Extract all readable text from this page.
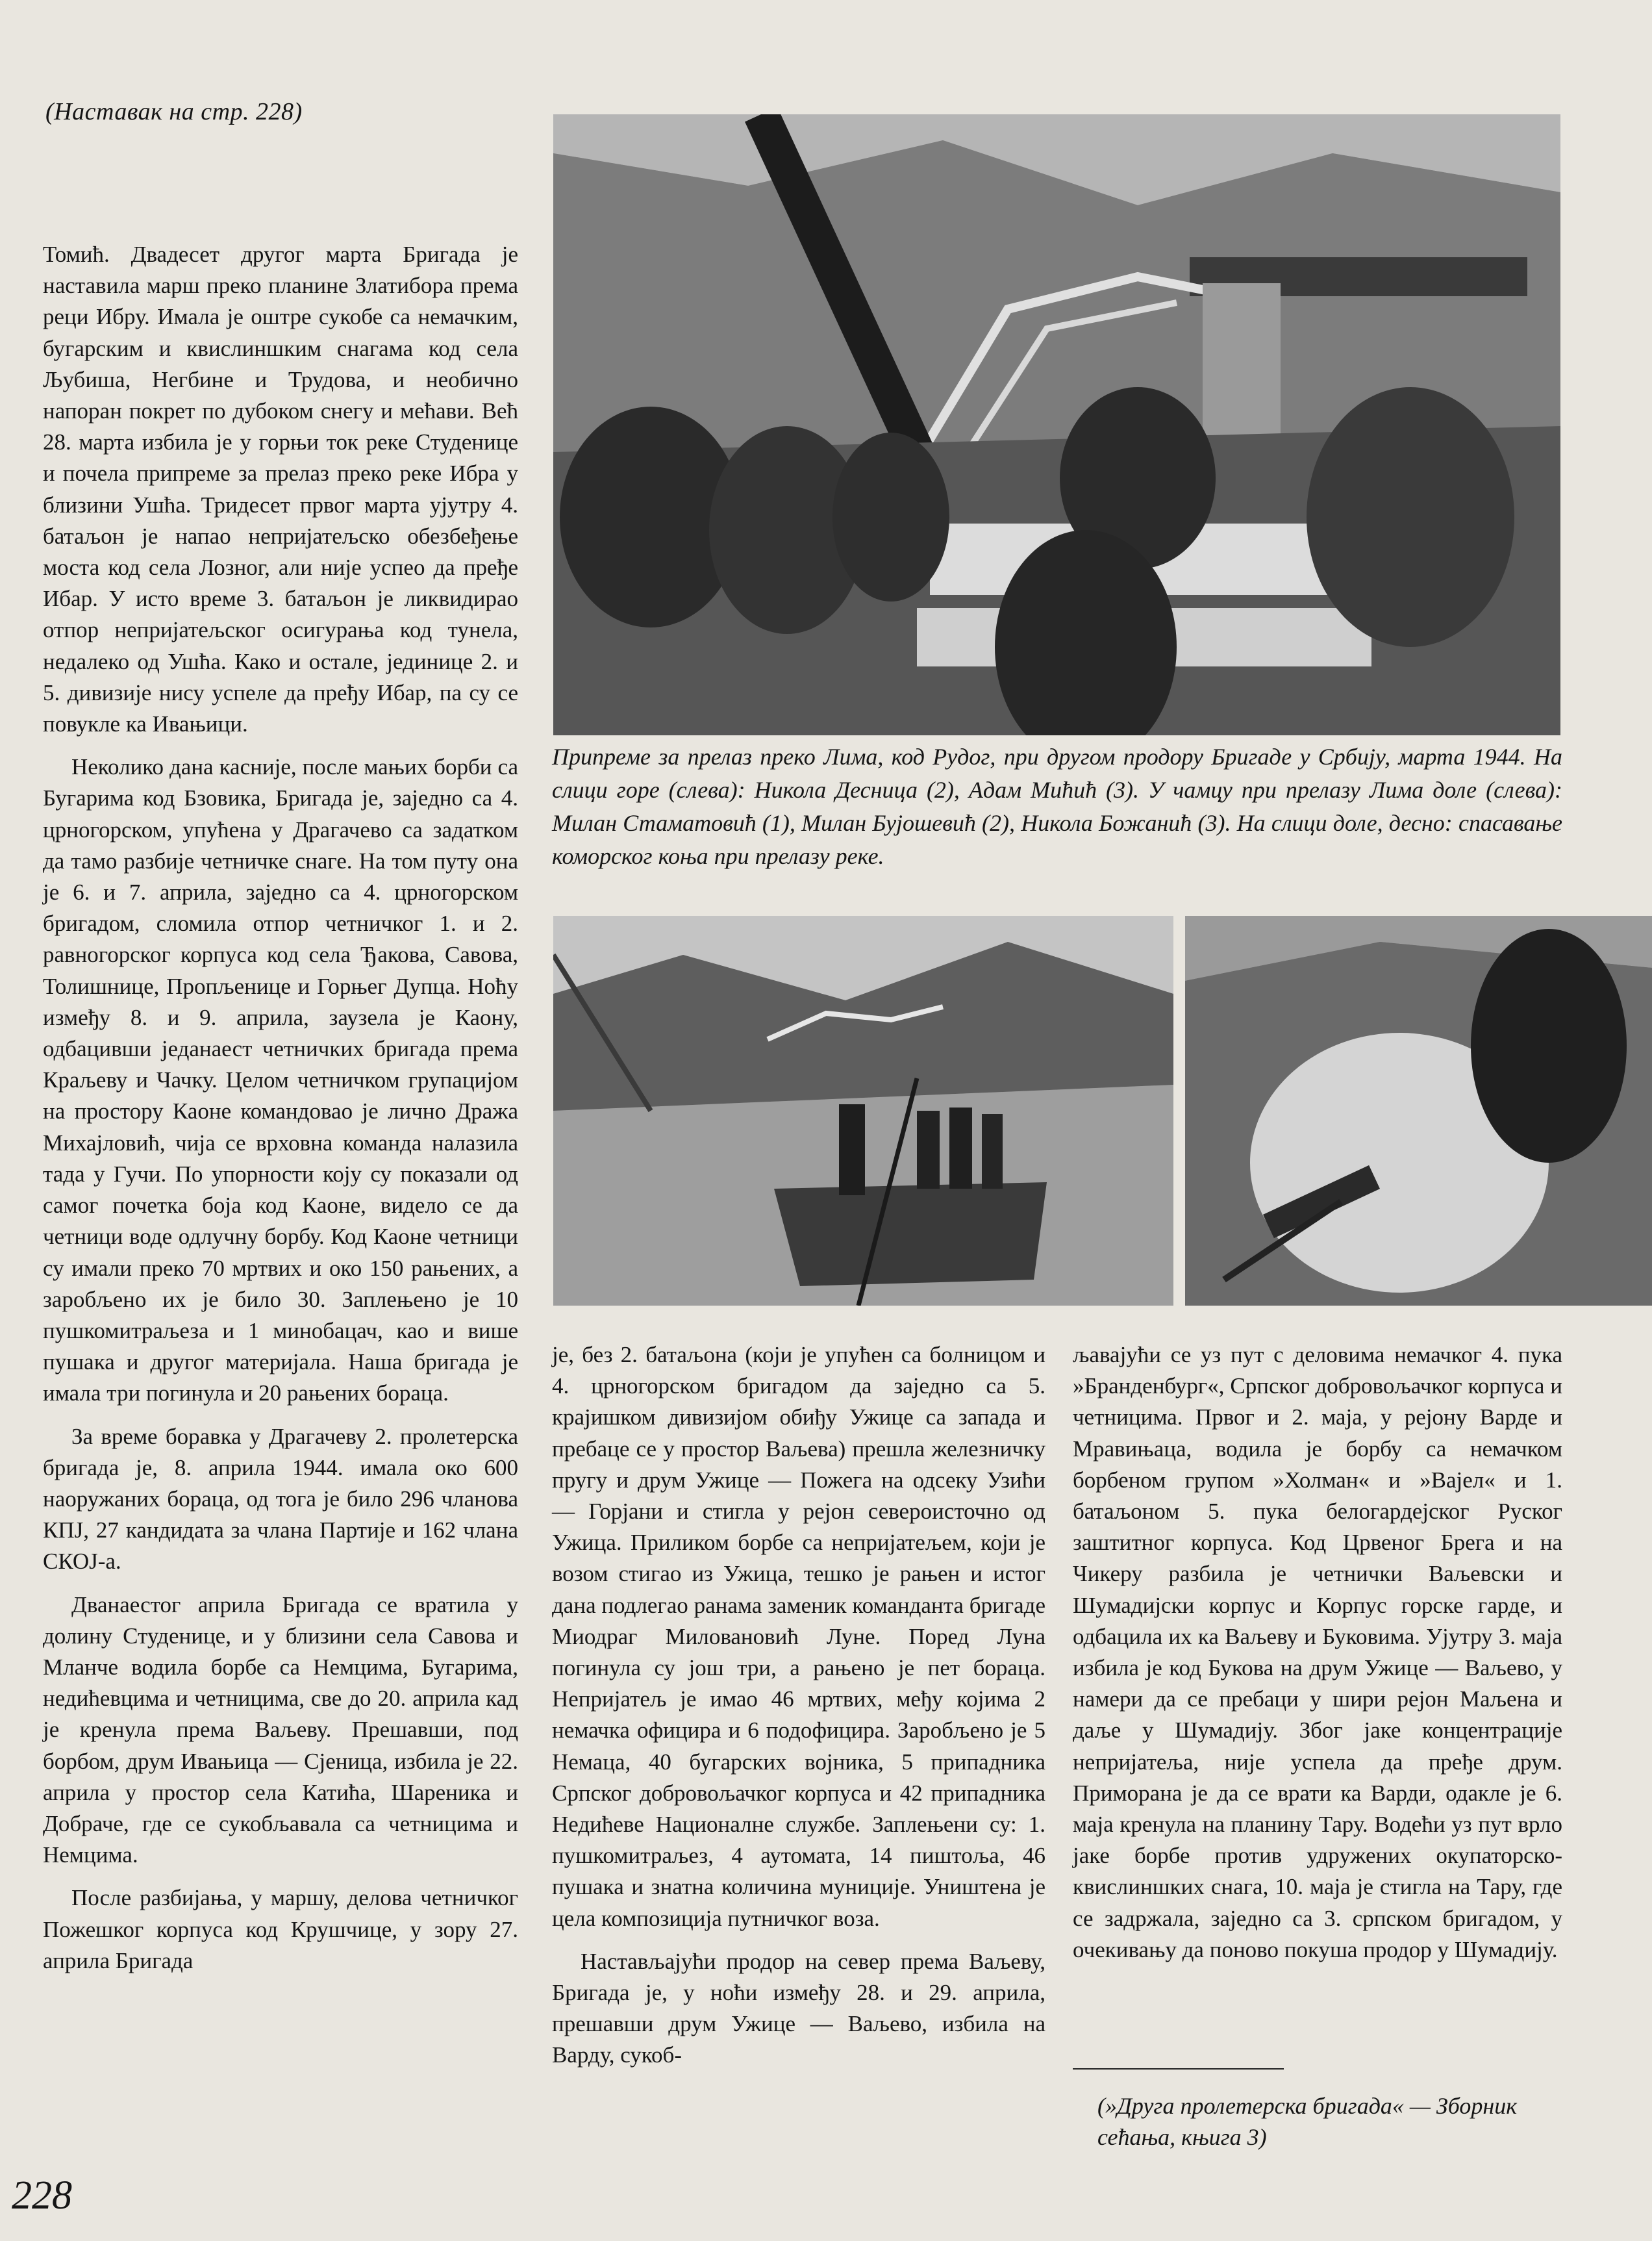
(Наставак на стр. 228)

Томић. Двадесет другог марта Бригада је наставила марш преко планине Златибора према реци Ибру. Имала је оштре сукобе са немачким, бугарским и квислиншким снагама код села Љубиша, Негбине и Трудова, и необично напоран покрет по дубоком снегу и мећави. Већ 28. марта избила је у горњи ток реке Студенице и почела припреме за прелаз преко реке Ибра у близини Ушћа. Тридесет првог марта ујутру 4. батаљон је напао непријатељско обезбеђење моста код села Лозног, али није успео да пређе Ибар. У исто време 3. батаљон је ликвидирао отпор непријатељског осигурања код тунела, недалеко од Ушћа. Како и остале, јединице 2. и 5. дивизије нису успеле да пређу Ибар, па су се повукле ка Ивањици.

Неколико дана касније, после мањих борби са Бугарима код Бзовика, Бригада је, заједно са 4. црногорском, упућена у Драгачево са задатком да тамо разбије четничке снаге. На том путу она је 6. и 7. априла, заједно са 4. црногорском бригадом, сломила отпор четничког 1. и 2. равногорског корпуса код села Ђакова, Савова, Толишнице, Пропљенице и Горњег Дупца. Ноћу између 8. и 9. априла, заузела је Каону, одбацивши једанаест четничких бригада према Краљеву и Чачку. Целом четничком групацијом на простору Каоне командовао је лично Дража Михајловић, чија се врховна команда налазила тада у Гучи. По упорности коју су показали од самог почетка боја код Каоне, видело се да четници воде одлучну борбу. Код Каоне четници су имали преко 70 мртвих и око 150 рањених, а заробљено их је било 30. Заплењено је 10 пушкомитраљеза и 1 минобацач, као и више пушака и другог материјала. Наша бригада је имала три погинула и 20 рањених бораца.

За време боравка у Драгачеву 2. пролетерска бригада је, 8. априла 1944. имала око 600 наоружаних бораца, од тога је било 296 чланова КПЈ, 27 кандидата за члана Партије и 162 члана СКОЈ-а.

Дванаестог априла Бригада се вратила у долину Студенице, и у близини села Савова и Мланче водила борбе са Немцима, Бугарима, недићевцима и четницима, све до 20. априла кад је кренула према Ваљеву. Прешавши, под борбом, друм Ивањица — Сјеница, избила је 22. априла у простор села Катића, Шареника и Добраче, где се сукобљавала са четницима и Немцима.

После разбијања, у маршу, делова четничког Пожешког корпуса код Крушчице, у зору 27. априла Бригада

Припреме за прелаз преко Лима, код Рудог, при другом продору Бригаде у Србију, марта 1944. На слици горе (слева): Никола Десница (2), Адам Мићић (3). У чамцу при прелазу Лима доле (слева): Милан Стаматовић (1), Милан Бујошевић (2), Никола Божанић (3). На слици доле, десно: спасавање коморског коња при прелазу реке.

је, без 2. батаљона (који је упућен са болницом и 4. црногорском бригадом да заједно са 5. крајишком дивизијом обиђу Ужице са запада и пребаце се у простор Ваљева) прешла железничку пругу и друм Ужице — Пожега на одсеку Узићи — Горјани и стигла у рејон североисточно од Ужица. Приликом борбе са непријатељем, који је возом стигао из Ужица, тешко је рањен и истог дана подлегао ранама заменик команданта бригаде Миодраг Миловановић Луне. Поред Луна погинула су још три, а рањено је пет бораца. Непријатељ је имао 46 мртвих, међу којима 2 немачка официра и 6 подофицира. Заробљено је 5 Немаца, 40 бугарских војника, 5 припадника Српског добровољачког корпуса и 42 припадника Недићеве Националне службе. Заплењени су: 1. пушкомитраљез, 4 аутомата, 14 пиштоља, 46 пушака и знатна количина муниције. Уништена је цела композиција путничког воза.

Настављајући продор на север према Ваљеву, Бригада је, у ноћи између 28. и 29. априла, прешавши друм Ужице — Ваљево, избила на Варду, сукоб-

љавајући се уз пут с деловима немачког 4. пука »Бранденбург«, Српског добровољачког корпуса и четницима. Првог и 2. маја, у рејону Варде и Мравињаца, водила је борбу са немачком борбеном групом »Холман« и »Вајел« и 1. батаљоном 5. пука белогардејског Руског заштитног корпуса. Код Црвеног Брега и на Чикеру разбила је четнички Ваљевски и Шумадијски корпус и Корпус горске гарде, и одбацила их ка Ваљеву и Буковима. Ујутру 3. маја избила је код Букова на друм Ужице — Ваљево, у намери да се пребаци у шири рејон Маљена и даље у Шумадију. Због јаке концентрације непријатеља, није успела да пређе друм. Приморана је да се врати ка Варди, одакле је 6. маја кренула на планину Тару. Водећи уз пут врло јаке борбе против удружених окупаторско-квислиншких снага, 10. маја је стигла на Тару, где се задржала, заједно са 3. српском бригадом, у очекивању да поново покуша продор у Шумадију.

(»Друга пролетерска бригада« — Зборник сећања, књига 3)
228
